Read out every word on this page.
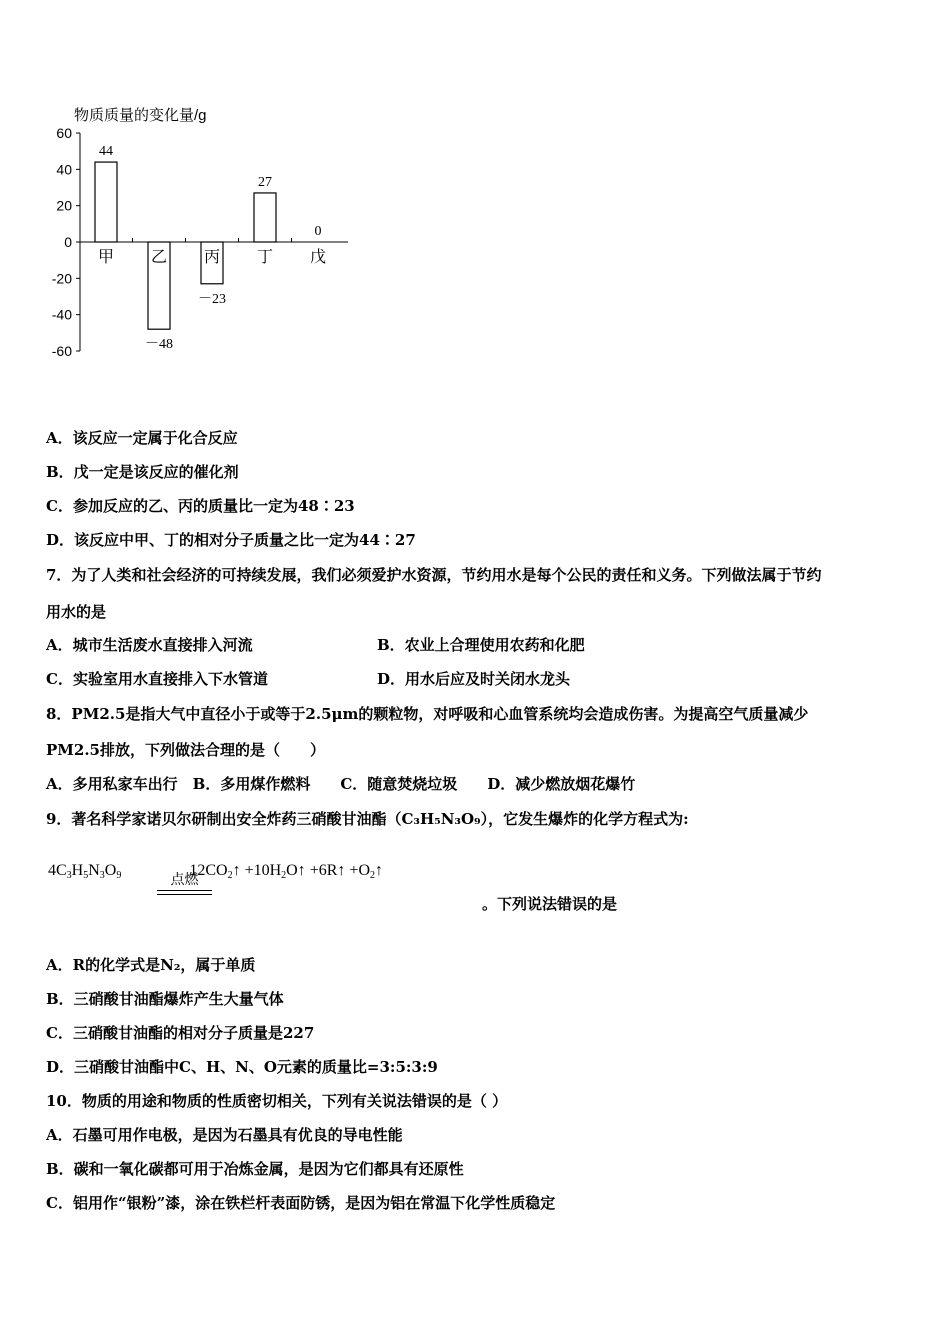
物质质量的变化量/g
60
40
20
0
-20
-40
-60
44
甲
－48
乙
－23
丙
27
丁
0
戊
A．该反应一定属于化合反应
B．戊一定是该反应的催化剂
C．参加反应的乙、丙的质量比一定为48∶23
D．该反应中甲、丁的相对分子质量之比一定为44∶27
7．为了人类和社会经济的可持续发展，我们必须爱护水资源，节约用水是每个公民的责任和义务。下列做法属于节约
用水的是
A．城市生活废水直接排入河流	B．农业上合理使用农药和化肥
C．实验室用水直接排入下水管道	D．用水后应及时关闭水龙头
8．PM2.5是指大气中直径小于或等于2.5μm的颗粒物，对呼吸和心血管系统均会造成伤害。为提高空气质量减少
PM2.5排放，下列做法合理的是（　　）
A．多用私家车出行　B．多用煤作燃料　　C．随意焚烧垃圾　　D．减少燃放烟花爆竹
9．著名科学家诺贝尔研制出安全炸药三硝酸甘油酯（C₃H₅N₃O₉），它发生爆炸的化学方程式为:
$4C_3H_5N_3O_9$	$12CO_2↑$ $+10H_2O↑$ +6R↑ $+O_2↑$
点燃
。下列说法错误的是
A．R的化学式是N₂，属于单质
B．三硝酸甘油酯爆炸产生大量气体
C．三硝酸甘油酯的相对分子质量是227
D．三硝酸甘油酯中C、H、N、O元素的质量比=3:5:3:9
10．物质的用途和物质的性质密切相关，下列有关说法错误的是（ ）
A．石墨可用作电极，是因为石墨具有优良的导电性能
B．碳和一氧化碳都可用于冶炼金属，是因为它们都具有还原性
C．铝用作“银粉”漆，涂在铁栏杆表面防锈，是因为铝在常温下化学性质稳定
